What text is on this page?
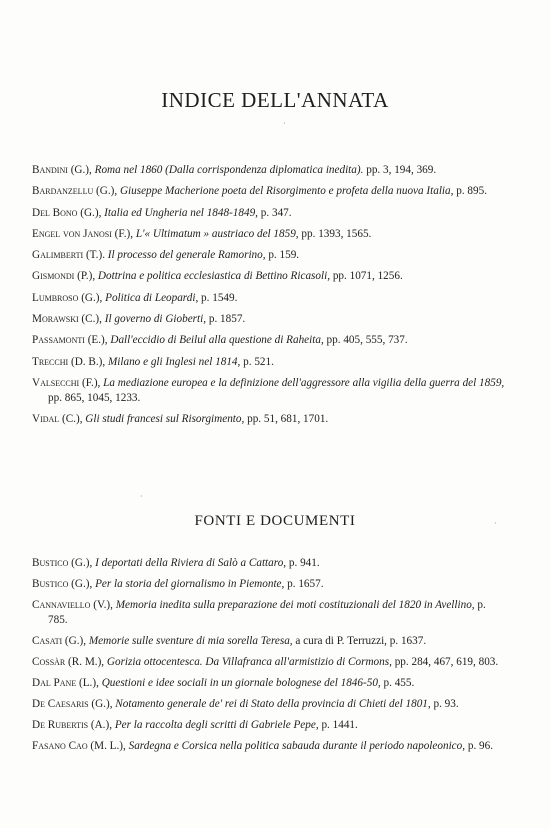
INDICE DELL'ANNATA
·
Bandini (G.), Roma nel 1860 (Dalla corrispondenza diplomatica inedita). pp. 3, 194, 369.
Bardanzellu (G.), Giuseppe Macherione poeta del Risorgimento e profeta della nuova Italia, p. 895.
Del Bono (G.), Italia ed Ungheria nel 1848-1849, p. 347.
Engel von Janosi (F.), L'« Ultimatum » austriaco del 1859, pp. 1393, 1565.
Galimberti (T.). Il processo del generale Ramorino, p. 159.
Gismondi (P.), Dottrina e politica ecclesiastica di Bettino Ricasoli, pp. 1071, 1256.
Lumbroso (G.), Politica di Leopardi, p. 1549.
Morawski (C.), Il governo di Gioberti, p. 1857.
Passamonti (E.), Dall'eccidio di Beilul alla questione di Raheita, pp. 405, 555, 737.
Trecchi (D. B.), Milano e gli Inglesi nel 1814, p. 521.
Valsecchi (F.), La mediazione europea e la definizione dell'aggressore alla vigilia della guerra del 1859, pp. 865, 1045, 1233.
Vidal (C.), Gli studi francesi sul Risorgimento, pp. 51, 681, 1701.
·
FONTI E DOCUMENTI	·
Bustico (G.), I deportati della Riviera di Salò a Cattaro, p. 941.
Bustico (G.), Per la storia del giornalismo in Piemonte, p. 1657.
Cannaviello (V.), Memoria inedita sulla preparazione dei moti costituzionali del 1820 in Avellino, p. 785.
Casati (G.), Memorie sulle sventure di mia sorella Teresa, a cura di P. Terruzzi, p. 1637.
Cossàr (R. M.), Gorizia ottocentesca. Da Villafranca all'armistizio di Cormons, pp. 284, 467, 619, 803.
Dal Pane (L.), Questioni e idee sociali in un giornale bolognese del 1846-50, p. 455.
De Caesaris (G.), Notamento generale de' rei di Stato della provincia di Chieti del 1801, p. 93.
De Rubertis (A.), Per la raccolta degli scritti di Gabriele Pepe, p. 1441.
Fasano Cao (M. L.), Sardegna e Corsica nella politica sabauda durante il periodo napoleonico, p. 96.
